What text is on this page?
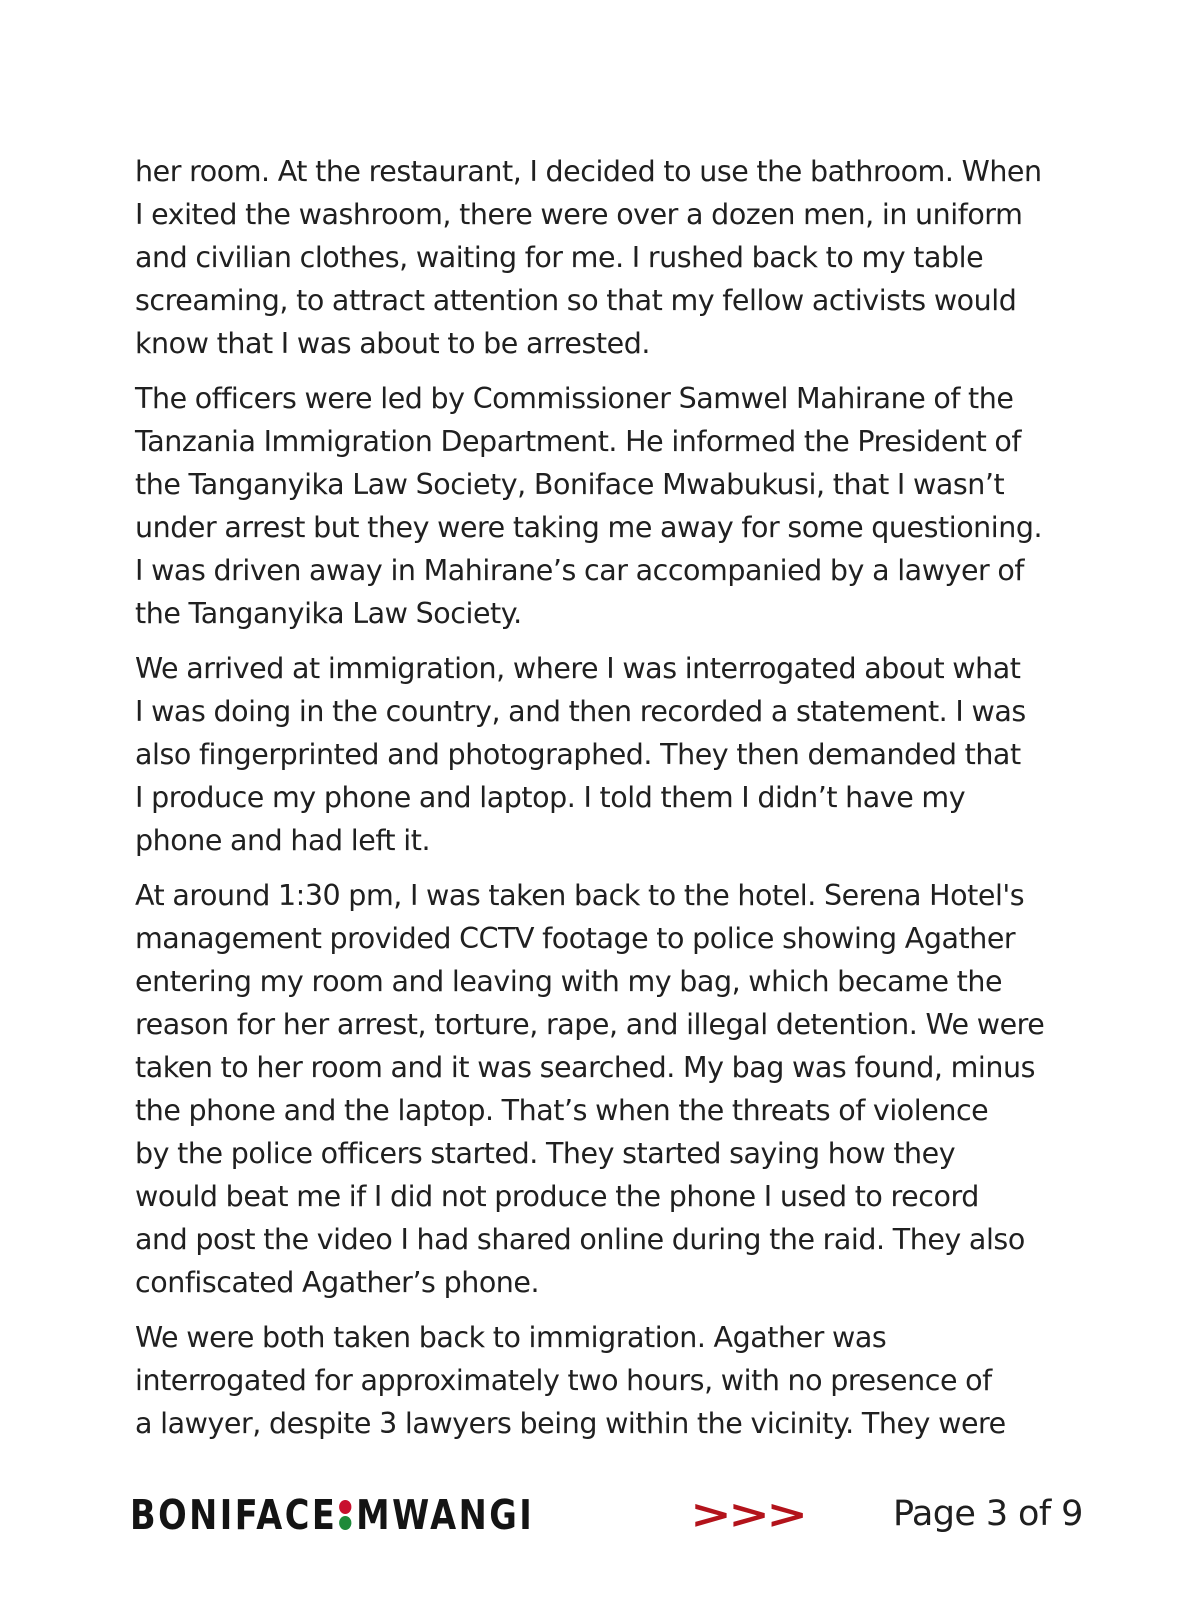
her room. At the restaurant, I decided to use the bathroom. When
I exited the washroom, there were over a dozen men, in uniform
and civilian clothes, waiting for me. I rushed back to my table
screaming, to attract attention so that my fellow activists would
know that I was about to be arrested.

The officers were led by Commissioner Samwel Mahirane of the
Tanzania Immigration Department. He informed the President of
the Tanganyika Law Society, Boniface Mwabukusi, that I wasn’t
under arrest but they were taking me away for some questioning.
I was driven away in Mahirane’s car accompanied by a lawyer of
the Tanganyika Law Society.

We arrived at immigration, where I was interrogated about what
I was doing in the country, and then recorded a statement. I was
also fingerprinted and photographed. They then demanded that
I produce my phone and laptop. I told them I didn’t have my
phone and had left it.

At around 1:30 pm, I was taken back to the hotel. Serena Hotel's
management provided CCTV footage to police showing Agather
entering my room and leaving with my bag, which became the
reason for her arrest, torture, rape, and illegal detention. We were
taken to her room and it was searched. My bag was found, minus
the phone and the laptop. That’s when the threats of violence
by the police officers started. They started saying how they
would beat me if I did not produce the phone I used to record
and post the video I had shared online during the raid. They also
confiscated Agather’s phone.

We were both taken back to immigration. Agather was
interrogated for approximately two hours, with no presence of
a lawyer, despite 3 lawyers being within the vicinity. They were

BONIFACE MWANGI	>>>	Page 3 of 9
